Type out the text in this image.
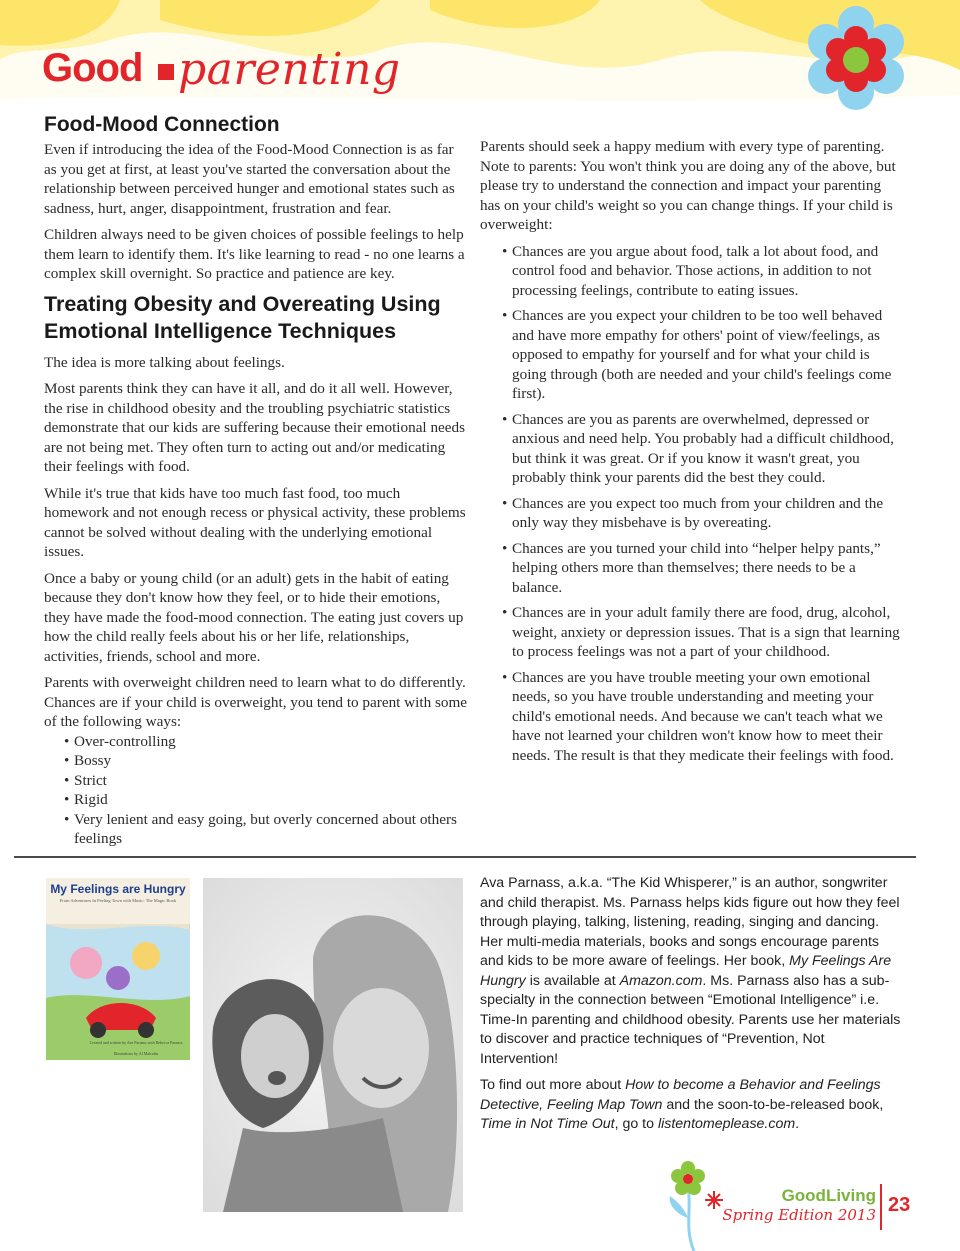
Good parenting
Food-Mood Connection

Even if introducing the idea of the Food-Mood Connection is as far as you get at first, at least you've started the conversation about the relationship between perceived hunger and emotional states such as sadness, hurt, anger, disappointment, frustration and fear.

Children always need to be given choices of possible feelings to help them learn to identify them. It's like learning to read - no one learns a complex skill overnight. So practice and patience are key.

Treating Obesity and Overeating Using Emotional Intelligence Techniques

The idea is more talking about feelings.

Most parents think they can have it all, and do it all well. However, the rise in childhood obesity and the troubling psychiatric statistics demonstrate that our kids are suffering because their emotional needs are not being met. They often turn to acting out and/or medicating their feelings with food.

While it's true that kids have too much fast food, too much homework and not enough recess or physical activity, these problems cannot be solved without dealing with the underlying emotional issues.

Once a baby or young child (or an adult) gets in the habit of eating because they don't know how they feel, or to hide their emotions, they have made the food-mood connection. The eating just covers up how the child really feels about his or her life, relationships, activities, friends, school and more.

Parents with overweight children need to learn what to do differently. Chances are if your child is overweight, you tend to parent with some of the following ways:

• Over-controlling
• Bossy
• Strict
• Rigid
• Very lenient and easy going, but overly concerned about others feelings

Parents should seek a happy medium with every type of parenting. Note to parents: You won't think you are doing any of the above, but please try to understand the connection and impact your parenting has on your child's weight so you can change things. If your child is overweight:

• Chances are you argue about food, talk a lot about food, and control food and behavior. Those actions, in addition to not processing feelings, contribute to eating issues.
• Chances are you expect your children to be too well behaved and have more empathy for others' point of view/feelings, as opposed to empathy for yourself and for what your child is going through (both are needed and your child's feelings come first).
• Chances are you as parents are overwhelmed, depressed or anxious and need help. You probably had a difficult childhood, but think it was great. Or if you know it wasn't great, you probably think your parents did the best they could.
• Chances are you expect too much from your children and the only way they misbehave is by overeating.
• Chances are you turned your child into “helper helpy pants,” helping others more than themselves; there needs to be a balance.
• Chances are in your adult family there are food, drug, alcohol, weight, anxiety or depression issues. That is a sign that learning to process feelings was not a part of your childhood.
• Chances are you have trouble meeting your own emotional needs, so you have trouble understanding and meeting your child's emotional needs. And because we can't teach what we have not learned your children won't know how to meet their needs. The result is that they medicate their feelings with food.
My Feelings are Hungry
From Adventures In Feeling Town with Music: The Magic Book
Created and written by Ava Parnass with Rebecca Parnass
Illustrations by Al Malcolm

Ava Parnass, a.k.a. “The Kid Whisperer,” is an author, songwriter and child therapist. Ms. Parnass helps kids figure out how they feel through playing, talking, listening, reading, singing and dancing. Her multi-media materials, books and songs encourage parents and kids to be more aware of feelings. Her book, My Feelings Are Hungry is available at Amazon.com. Ms. Parnass also has a sub-specialty in the connection between “Emotional Intelligence” i.e. Time-In parenting and childhood obesity. Parents use her materials to discover and practice techniques of “Prevention, Not Intervention!

To find out more about How to become a Behavior and Feelings Detective, Feeling Map Town and the soon-to-be-released book, Time in Not Time Out, go to listentomeplease.com.

GoodLiving
Spring Edition 2013 23
